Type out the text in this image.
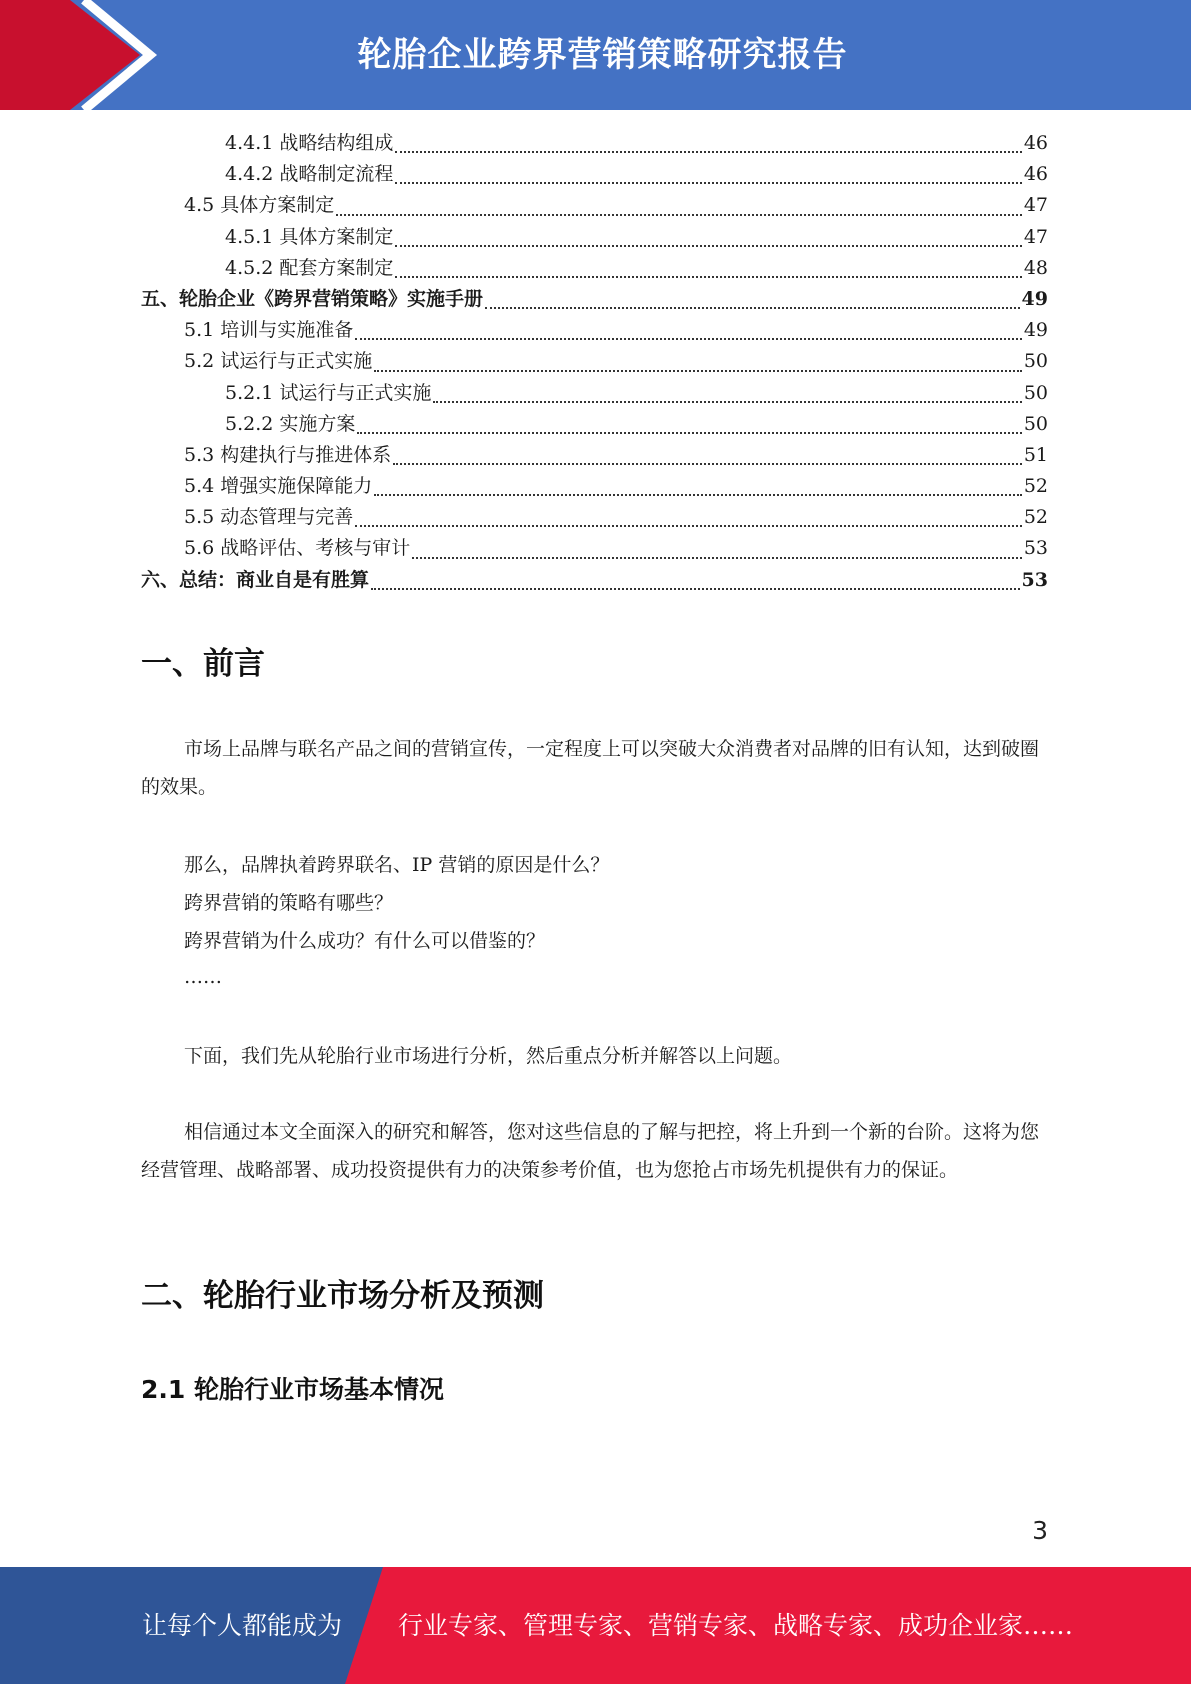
轮胎企业跨界营销策略研究报告
4.4.1 战略结构组成	46
4.4.2 战略制定流程	46
4.5 具体方案制定	47
4.5.1 具体方案制定	47
4.5.2 配套方案制定	48
五、轮胎企业《跨界营销策略》实施手册	49
5.1 培训与实施准备	49
5.2 试运行与正式实施	50
5.2.1 试运行与正式实施	50
5.2.2 实施方案	50
5.3 构建执行与推进体系	51
5.4 增强实施保障能力	52
5.5 动态管理与完善	52
5.6 战略评估、考核与审计	53
六、总结：商业自是有胜算	53
一、前言
市场上品牌与联名产品之间的营销宣传，一定程度上可以突破大众消费者对品牌的旧有认知，达到破圈的效果。
那么，品牌执着跨界联名、IP 营销的原因是什么？
跨界营销的策略有哪些？
跨界营销为什么成功？有什么可以借鉴的？
……
下面，我们先从轮胎行业市场进行分析，然后重点分析并解答以上问题。
相信通过本文全面深入的研究和解答，您对这些信息的了解与把控，将上升到一个新的台阶。这将为您经营管理、战略部署、成功投资提供有力的决策参考价值，也为您抢占市场先机提供有力的保证。
二、轮胎行业市场分析及预测
2.1 轮胎行业市场基本情况
3
让每个人都能成为 行业专家、管理专家、营销专家、战略专家、成功企业家……
